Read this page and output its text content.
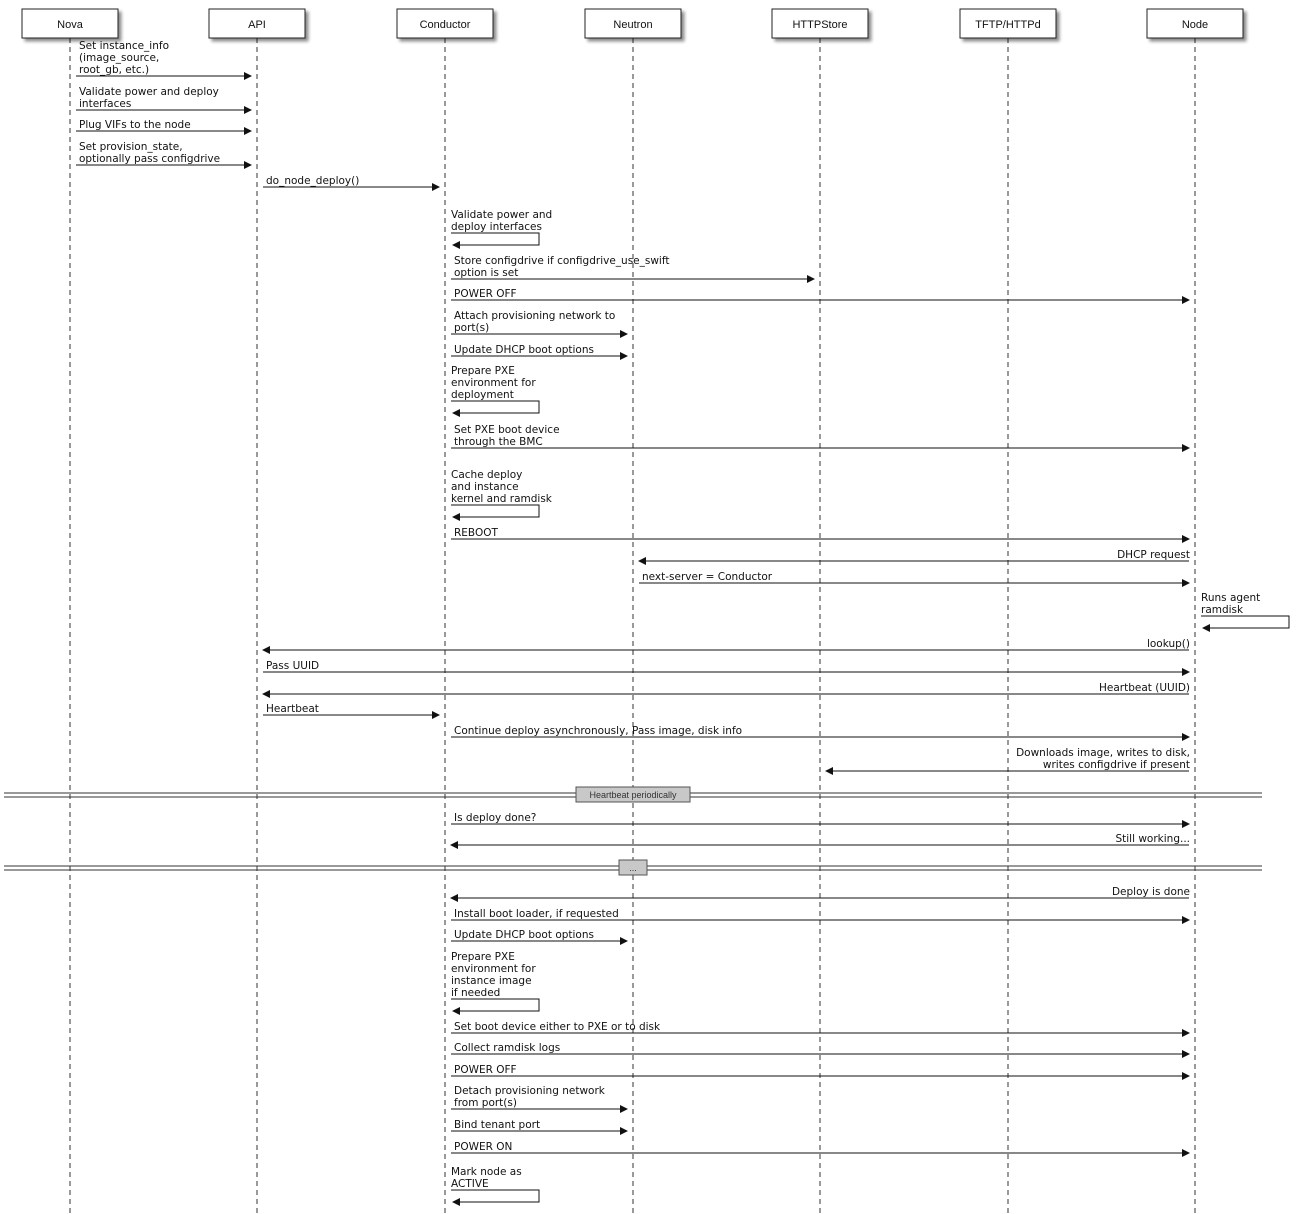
Nova	API	Conductor	Neutron	HTTPStore	TFTP/HTTPd	Node
Heartbeat periodically
...
Set instance_info
(image_source,
root_gb, etc.)
Validate power and deploy
interfaces
Plug VIFs to the node
Set provision_state,
optionally pass configdrive
do_node_deploy()
Validate power and
deploy interfaces
Store configdrive if configdrive_use_swift
option is set
POWER OFF
Attach provisioning network to
port(s)
Update DHCP boot options
Prepare PXE
environment for
deployment
Set PXE boot device
through the BMC
Cache deploy
and instance
kernel and ramdisk
REBOOT
DHCP request
next-server = Conductor
Runs agent
ramdisk
lookup()
Pass UUID
Heartbeat (UUID)
Heartbeat
Continue deploy asynchronously, Pass image, disk info
Downloads image, writes to disk,
writes configdrive if present
Is deploy done?
Still working...
Deploy is done
Install boot loader, if requested
Update DHCP boot options
Prepare PXE
environment for
instance image
if needed
Set boot device either to PXE or to disk
Collect ramdisk logs
POWER OFF
Detach provisioning network
from port(s)
Bind tenant port
POWER ON
Mark node as
ACTIVE
